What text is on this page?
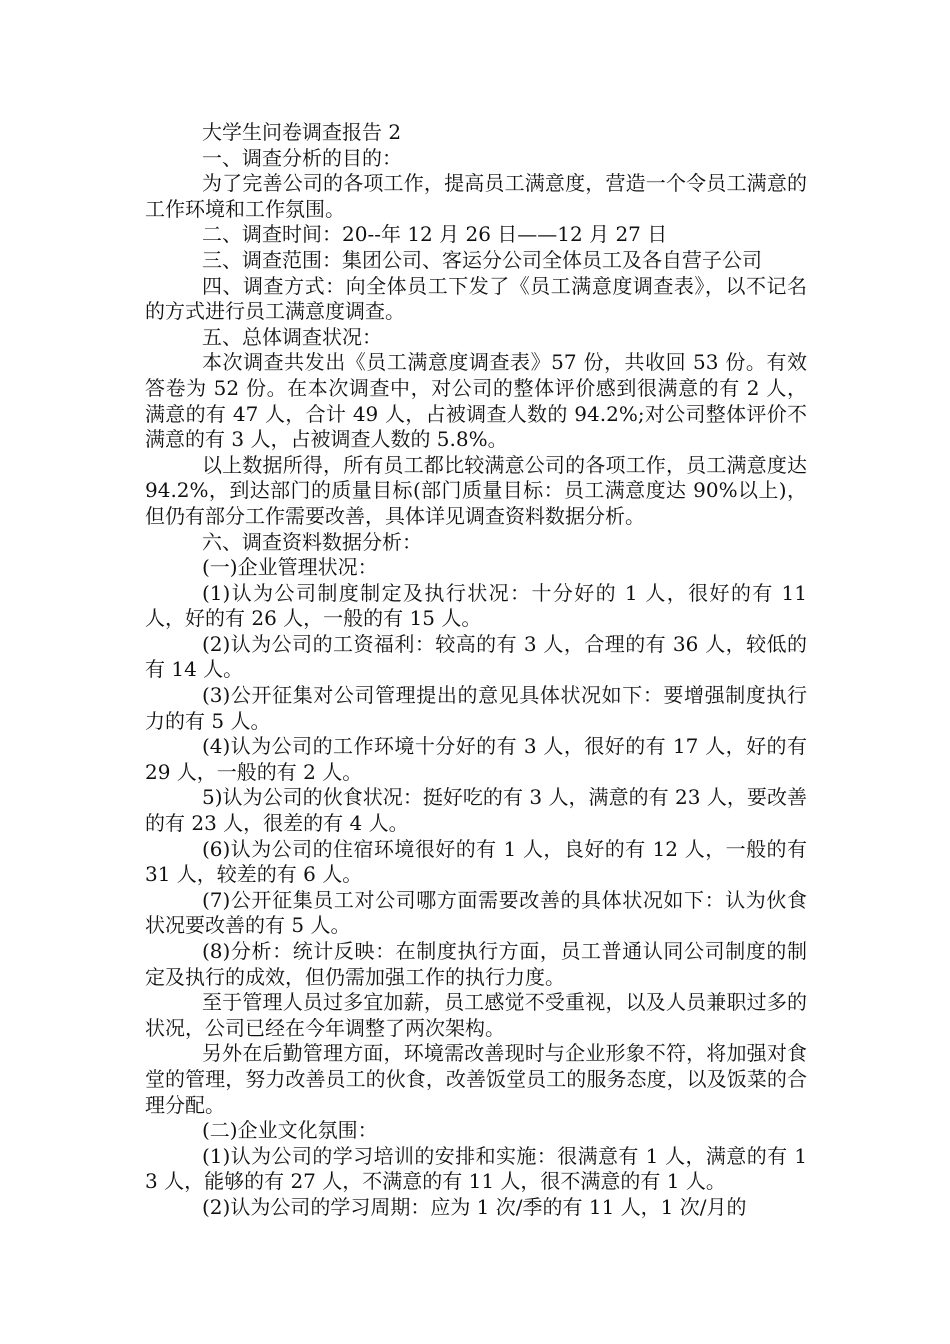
大学生问卷调查报告 2

一、调查分析的目的：

为了完善公司的各项工作，提高员工满意度，营造一个令员工满意的工作环境和工作氛围。

二、调查时间：20--年 12 月 26 日——12 月 27 日

三、调查范围：集团公司、客运分公司全体员工及各自营子公司

四、调查方式：向全体员工下发了《员工满意度调查表》，以不记名的方式进行员工满意度调查。

五、总体调查状况：

本次调查共发出《员工满意度调查表》57 份，共收回 53 份。有效答卷为 52 份。在本次调查中，对公司的整体评价感到很满意的有 2 人，满意的有 47 人，合计 49 人，占被调查人数的 94.2%;对公司整体评价不满意的有 3 人，占被调查人数的 5.8%。

以上数据所得，所有员工都比较满意公司的各项工作，员工满意度达 94.2%，到达部门的质量目标(部门质量目标：员工满意度达 90%以上)，但仍有部分工作需要改善，具体详见调查资料数据分析。

六、调查资料数据分析：

(一)企业管理状况：

(1)认为公司制度制定及执行状况：十分好的 1 人，很好的有 11 人，好的有 26 人，一般的有 15 人。

(2)认为公司的工资福利：较高的有 3 人，合理的有 36 人，较低的有 14 人。

(3)公开征集对公司管理提出的意见具体状况如下：要增强制度执行力的有 5 人。

(4)认为公司的工作环境十分好的有 3 人，很好的有 17 人，好的有 29 人，一般的有 2 人。

5)认为公司的伙食状况：挺好吃的有 3 人，满意的有 23 人，要改善的有 23 人，很差的有 4 人。

(6)认为公司的住宿环境很好的有 1 人，良好的有 12 人，一般的有 31 人，较差的有 6 人。

(7)公开征集员工对公司哪方面需要改善的具体状况如下：认为伙食状况要改善的有 5 人。

(8)分析：统计反映：在制度执行方面，员工普通认同公司制度的制定及执行的成效，但仍需加强工作的执行力度。

至于管理人员过多宜加薪，员工感觉不受重视，以及人员兼职过多的状况，公司已经在今年调整了两次架构。

另外在后勤管理方面，环境需改善现时与企业形象不符，将加强对食堂的管理，努力改善员工的伙食，改善饭堂员工的服务态度，以及饭菜的合理分配。

(二)企业文化氛围：

(1)认为公司的学习培训的安排和实施：很满意有 1 人，满意的有 13 人，能够的有 27 人，不满意的有 11 人，很不满意的有 1 人。

(2)认为公司的学习周期：应为 1 次/季的有 11 人，1 次/月的
